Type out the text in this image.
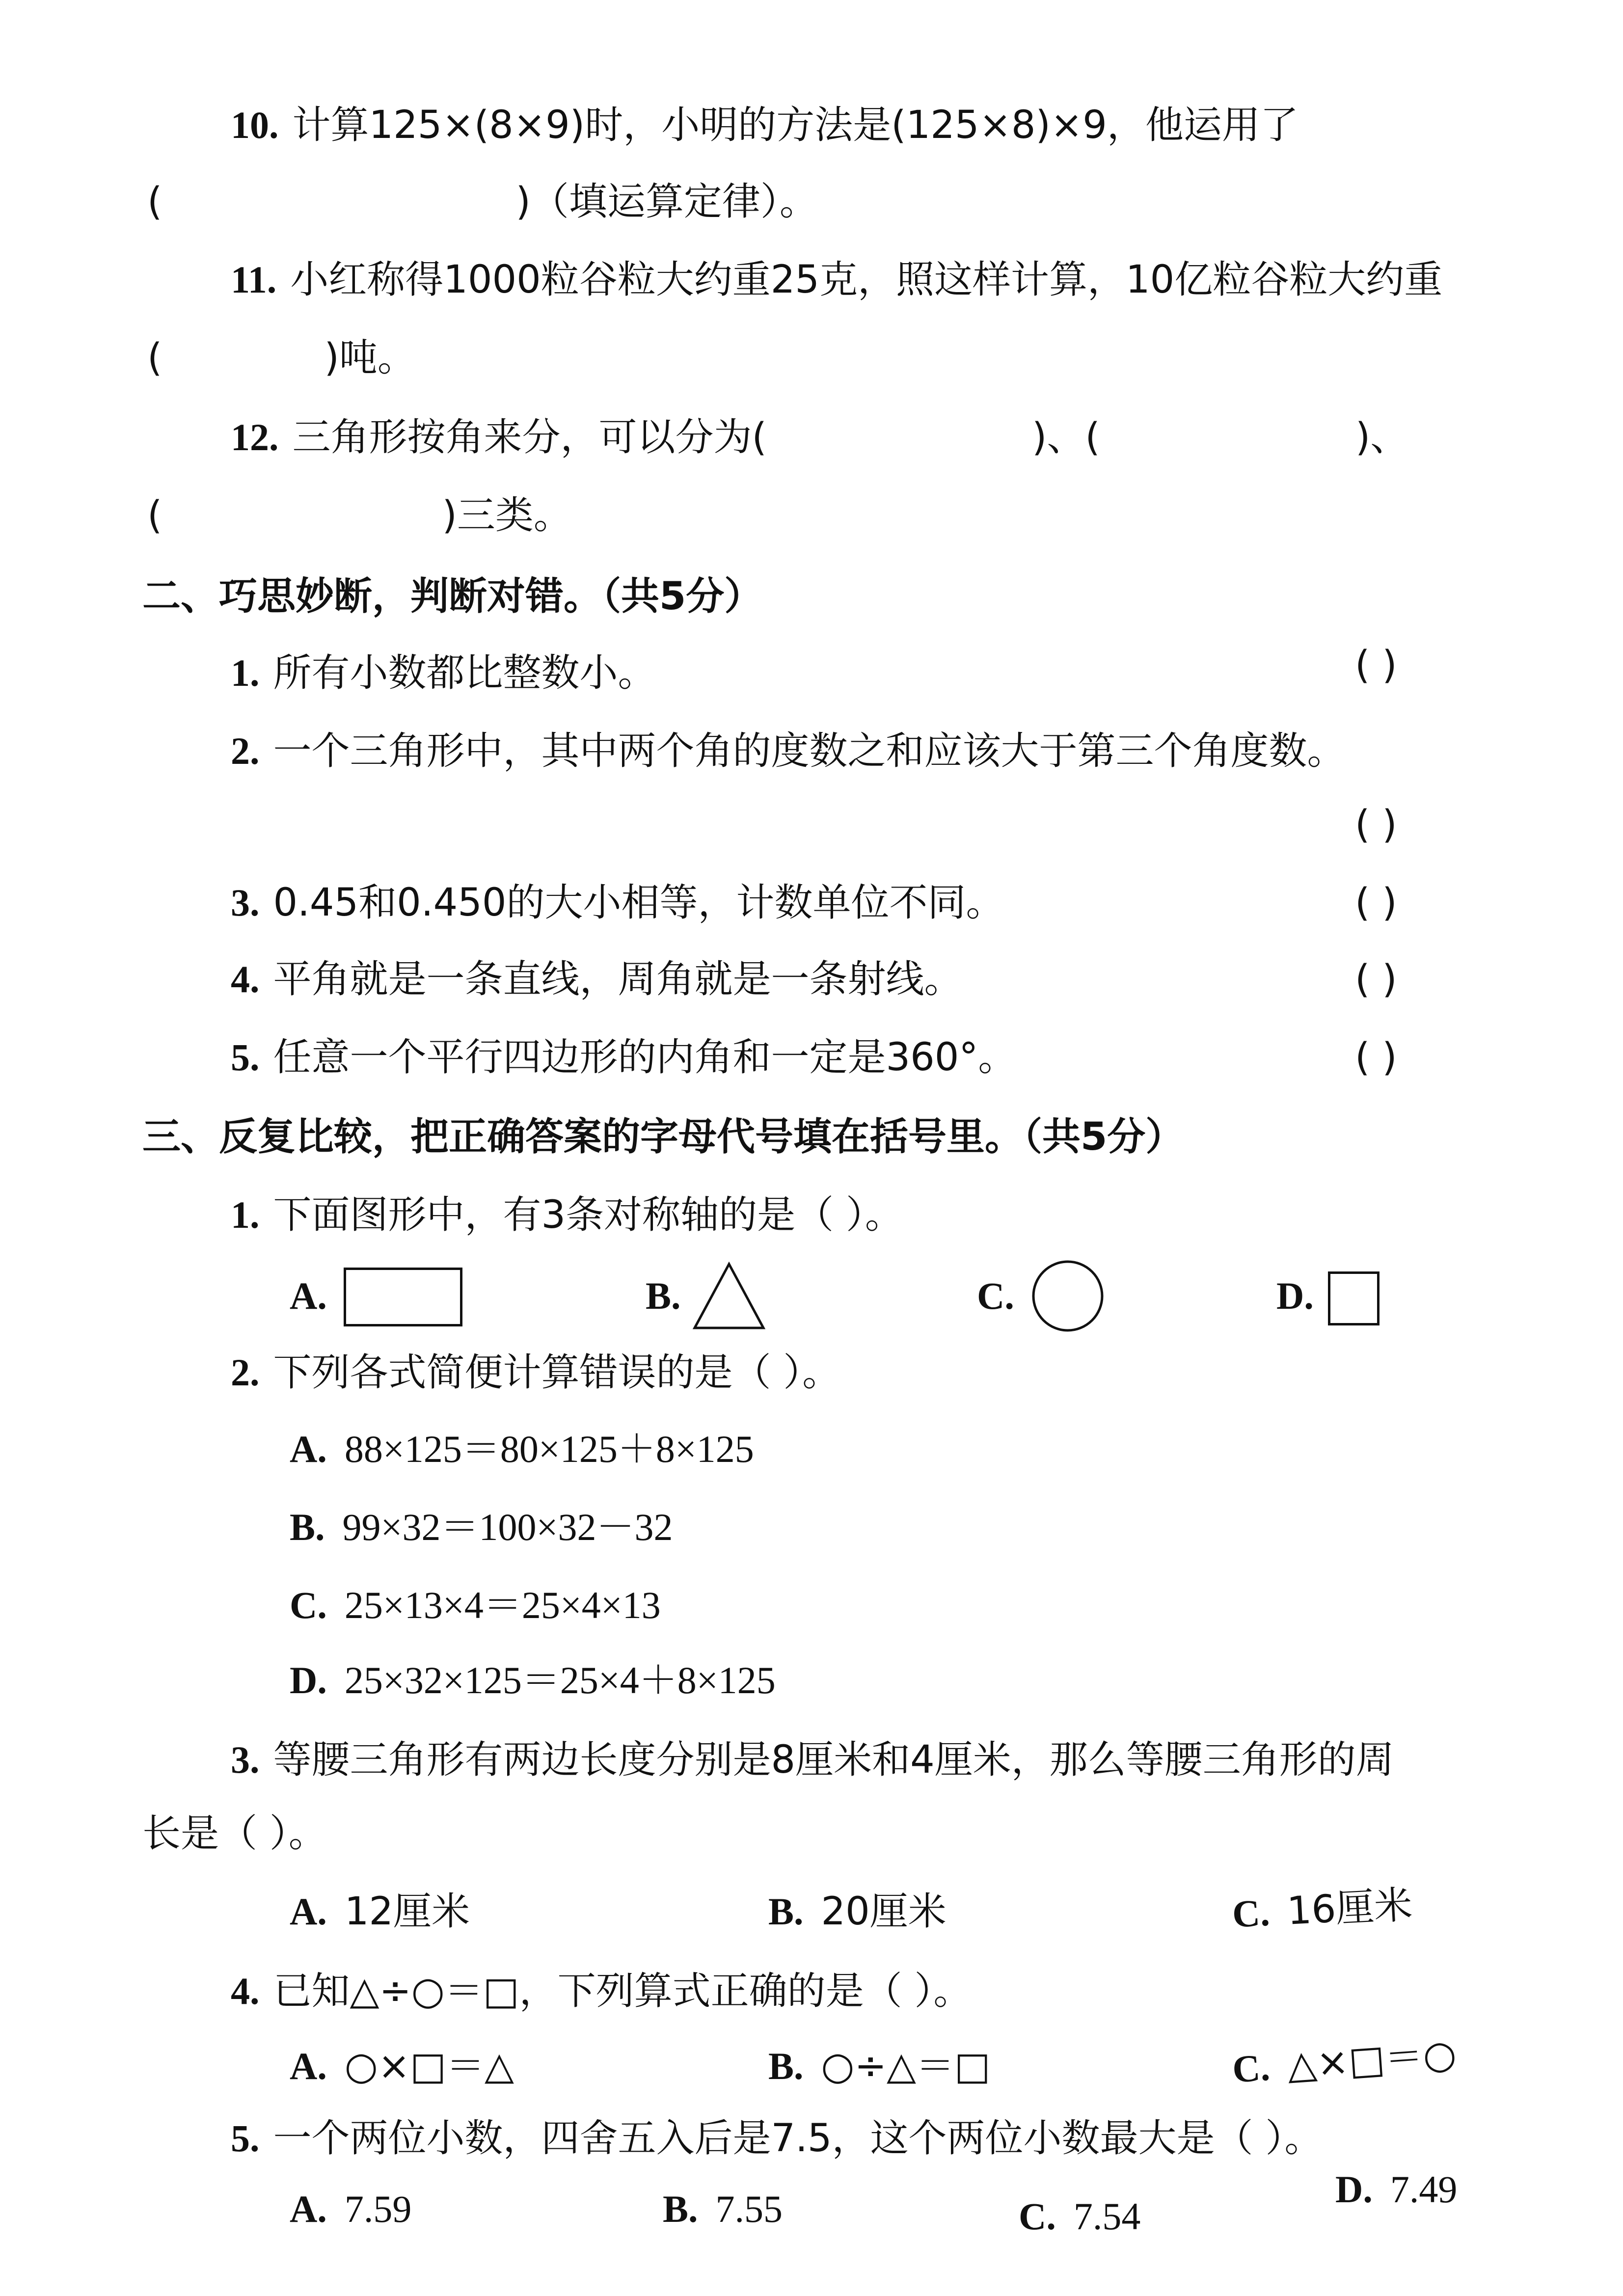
10. 计算125×(8×9)时，小明的方法是(125×8)×9，他运用了
(	)（填运算定律）。
11. 小红称得1000粒谷粒大约重25克，照这样计算，10亿粒谷粒大约重
(	)吨。
12. 三角形按角来分，可以分为(	)、(	)、
(	)三类。
二、巧思妙断，判断对错。（共5分）
1. 所有小数都比整数小。	( )
2. 一个三角形中，其中两个角的度数之和应该大于第三个角度数。
( )
3. 0.45和0.450的大小相等，计数单位不同。	( )
4. 平角就是一条直线，周角就是一条射线。	( )
5. 任意一个平行四边形的内角和一定是360°。	( )
三、反复比较，把正确答案的字母代号填在括号里。（共5分）
1. 下面图形中，有3条对称轴的是（ ）。
A.	B.	C.	D.
2. 下列各式简便计算错误的是（ ）。
A. 88×125＝80×125＋8×125
B. 99×32＝100×32－32
C. 25×13×4＝25×4×13
D. 25×32×125＝25×4＋8×125
3. 等腰三角形有两边长度分别是8厘米和4厘米，那么等腰三角形的周
长是（ ）。
A. 12厘米	B. 20厘米	C. 16厘米
4. 已知△÷○＝□，下列算式正确的是（ ）。
A. ○×□＝△	B. ○÷△＝□	C. △×□＝○
5. 一个两位小数，四舍五入后是7.5，这个两位小数最大是（ ）。
A. 7.59	B. 7.55	C. 7.54
D. 7.49
